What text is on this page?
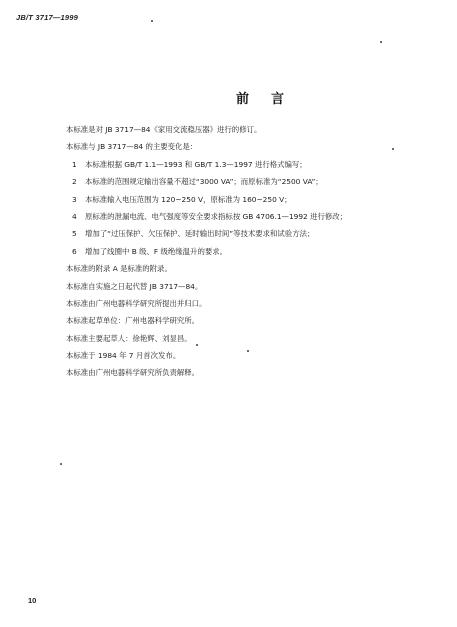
JB/T 3717—1999
前言
本标准是对 JB 3717—84《家用交流稳压器》进行的修订。
本标准与 JB 3717—84 的主要变化是：
1 本标准根据 GB/T 1.1—1993 和 GB/T 1.3—1997 进行格式编写；
2 本标准的范围规定输出容量不超过“3000 VA”；而原标准为“2500 VA”；
3 本标准输入电压范围为 120~250 V，原标准为 160~250 V；
4 原标准的泄漏电流、电气强度等安全要求指标按 GB 4706.1—1992 进行修改；
5 增加了“过压保护、欠压保护、延时输出时间”等技术要求和试验方法；
6 增加了线圈中 B 级、F 级绝缘温升的要求。
本标准的附录 A 是标准的附录。
本标准自实施之日起代替 JB 3717—84。
本标准由广州电器科学研究所提出并归口。
本标准起草单位：广州电器科学研究所。
本标准主要起草人：徐艳辉、刘显昌。
本标准于 1984 年 7 月首次发布。
本标准由广州电器科学研究所负责解释。
10
